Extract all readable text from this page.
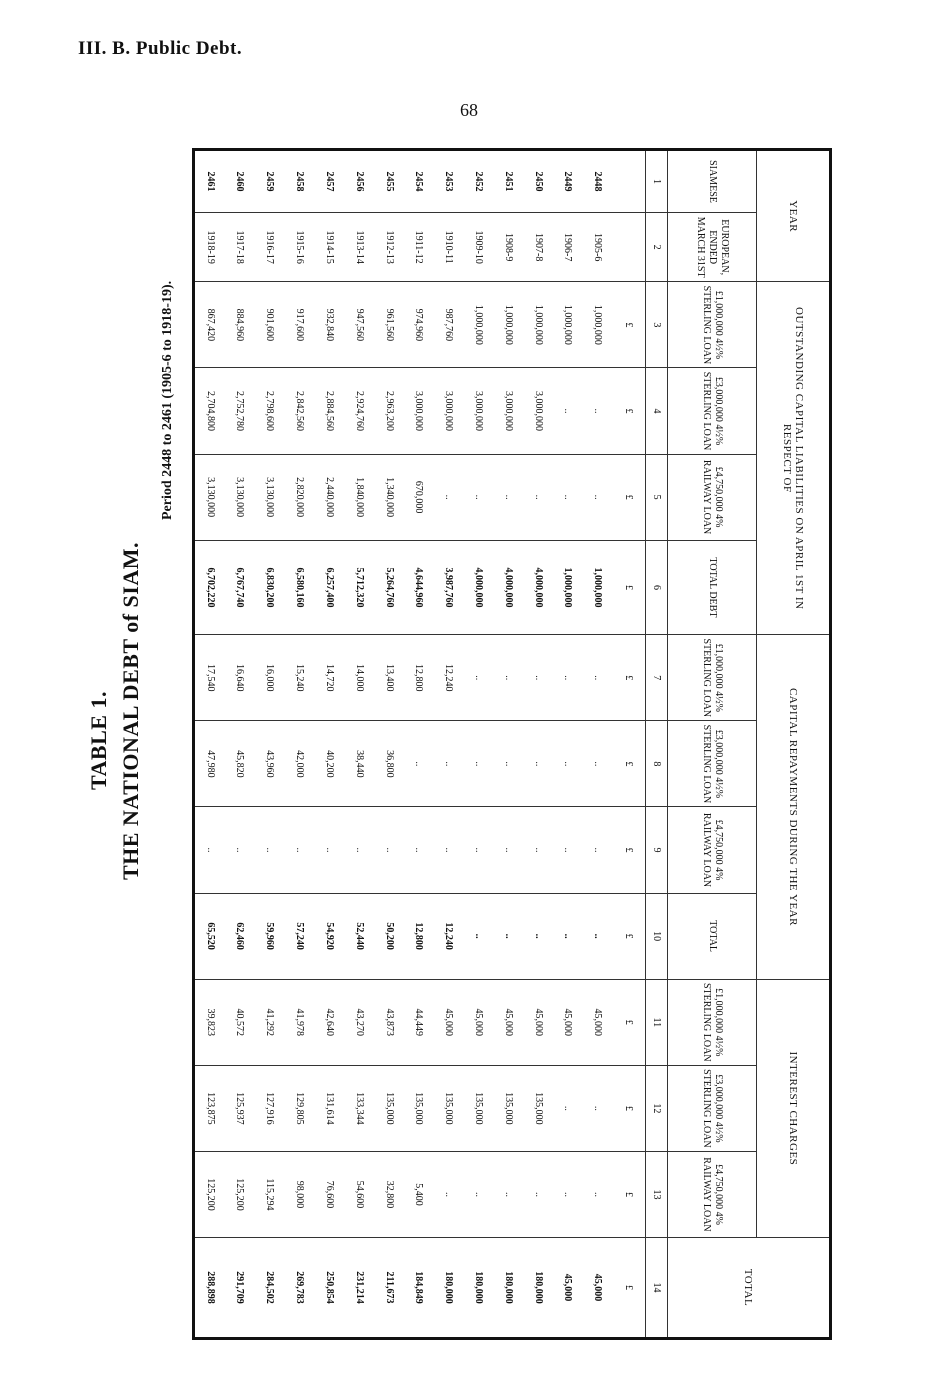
III. B. Public Debt.
68
TABLE 1. THE NATIONAL DEBT of SIAM.
Period 2448 to 2461 (1905-6 to 1918-19).
YEAR		OUTSTANDING CAPITAL LIABILITIES ON APRIL 1ST IN RESPECT OF				CAPITAL REPAYMENTS DURING THE YEAR				INTEREST CHARGES			TOTAL
SIAMESE	EUROPEAN, ENDED MARCH 31ST	£1,000,000 4½% STERLING LOAN	£3,000,000 4½% STERLING LOAN	£4,750,000 4% RAILWAY LOAN	TOTAL DEBT	£1,000,000 4½% STERLING LOAN	£3,000,000 4½% STERLING LOAN	£4,750,000 4% RAILWAY LOAN	TOTAL	£1,000,000 4½% STERLING LOAN	£3,000,000 4½% STERLING LOAN	£4,750,000 4% RAILWAY LOAN	
1	2	3	4	5	6	7	8	9	10	11	12	13	14
		£	£	£	£	£	£	£	£	£	£	£	£
2448	1905-6	1,000,000	..	..	1,000,000	..	..	..	..	45,000	..	..	45,000
2449	1906-7	1,000,000	..	..	1,000,000	..	..	..	..	45,000	..	..	45,000
2450	1907-8	1,000,000	3,000,000	..	4,000,000	..	..	..	..	45,000	135,000	..	180,000
2451	1908-9	1,000,000	3,000,000	..	4,000,000	..	..	..	..	45,000	135,000	..	180,000
2452	1909-10	1,000,000	3,000,000	..	4,000,000	..	..	..	..	45,000	135,000	..	180,000
2453	1910-11	987,760	3,000,000	..	3,987,760	12,240	..	..	12,240	45,000	135,000	..	180,000
2454	1911-12	974,960	3,000,000	670,000	4,644,960	12,800	..	..	12,800	44,449	135,000	5,400	184,849
2455	1912-13	961,560	2,963,200	1,340,000	5,264,760	13,400	36,800	..	50,200	43,873	135,000	32,800	211,673
2456	1913-14	947,560	2,924,760	1,840,000	5,712,320	14,000	38,440	..	52,440	43,270	133,344	54,600	231,214
2457	1914-15	932,840	2,884,560	2,440,000	6,257,400	14,720	40,200	..	54,920	42,640	131,614	76,600	250,854
2458	1915-16	917,600	2,842,560	2,820,000	6,580,160	15,240	42,000	..	57,240	41,978	129,805	98,000	269,783
2459	1916-17	901,600	2,798,600	3,130,000	6,830,200	16,000	43,960	..	59,960	41,292	127,916	115,294	284,502
2460	1917-18	884,960	2,752,780	3,130,000	6,767,740	16,640	45,820	..	62,460	40,572	125,937	125,200	291,709
2461	1918-19	867,420	2,704,800	3,130,000	6,702,220	17,540	47,980	..	65,520	39,823	123,875	125,200	288,898
